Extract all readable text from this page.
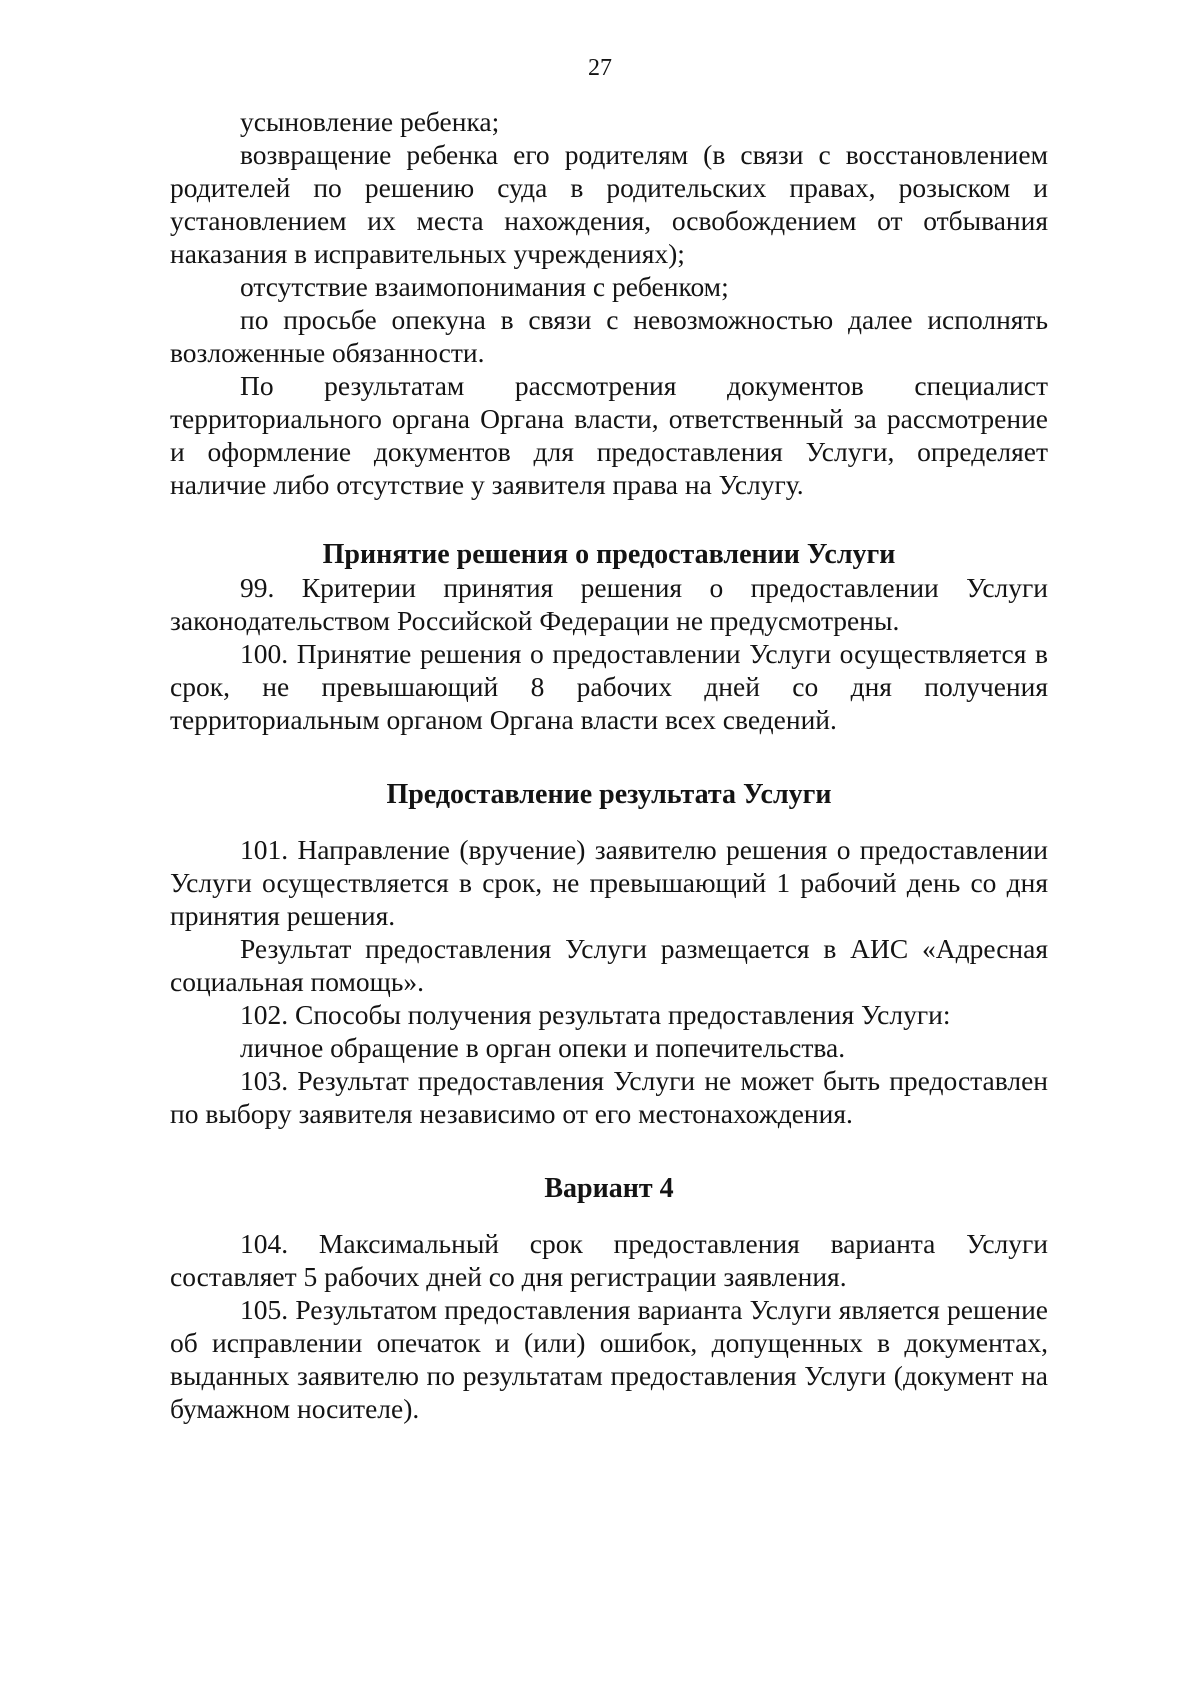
27

усыновление ребенка;

возвращение ребенка его родителям (в связи с восстановлением родителей по решению суда в родительских правах, розыском и установлением их места нахождения, освобождением от отбывания наказания в исправительных учреждениях);

отсутствие взаимопонимания с ребенком;

по просьбе опекуна в связи с невозможностью далее исполнять возложенные обязанности.

По результатам рассмотрения документов специалист территориального органа Органа власти, ответственный за рассмотрение и оформление документов для предоставления Услуги, определяет наличие либо отсутствие у заявителя права на Услугу.

Принятие решения о предоставлении Услуги

99. Критерии принятия решения о предоставлении Услуги законодательством Российской Федерации не предусмотрены.

100. Принятие решения о предоставлении Услуги осуществляется в срок, не превышающий 8 рабочих дней со дня получения территориальным органом Органа власти всех сведений.

Предоставление результата Услуги

101. Направление (вручение) заявителю решения о предоставлении Услуги осуществляется в срок, не превышающий 1 рабочий день со дня принятия решения.

Результат предоставления Услуги размещается в АИС «Адресная социальная помощь».

102. Способы получения результата предоставления Услуги:

личное обращение в орган опеки и попечительства.

103. Результат предоставления Услуги не может быть предоставлен по выбору заявителя независимо от его местонахождения.

Вариант 4

104. Максимальный срок предоставления варианта Услуги составляет 5 рабочих дней со дня регистрации заявления.

105. Результатом предоставления варианта Услуги является решение об исправлении опечаток и (или) ошибок, допущенных в документах, выданных заявителю по результатам предоставления Услуги (документ на бумажном носителе).
